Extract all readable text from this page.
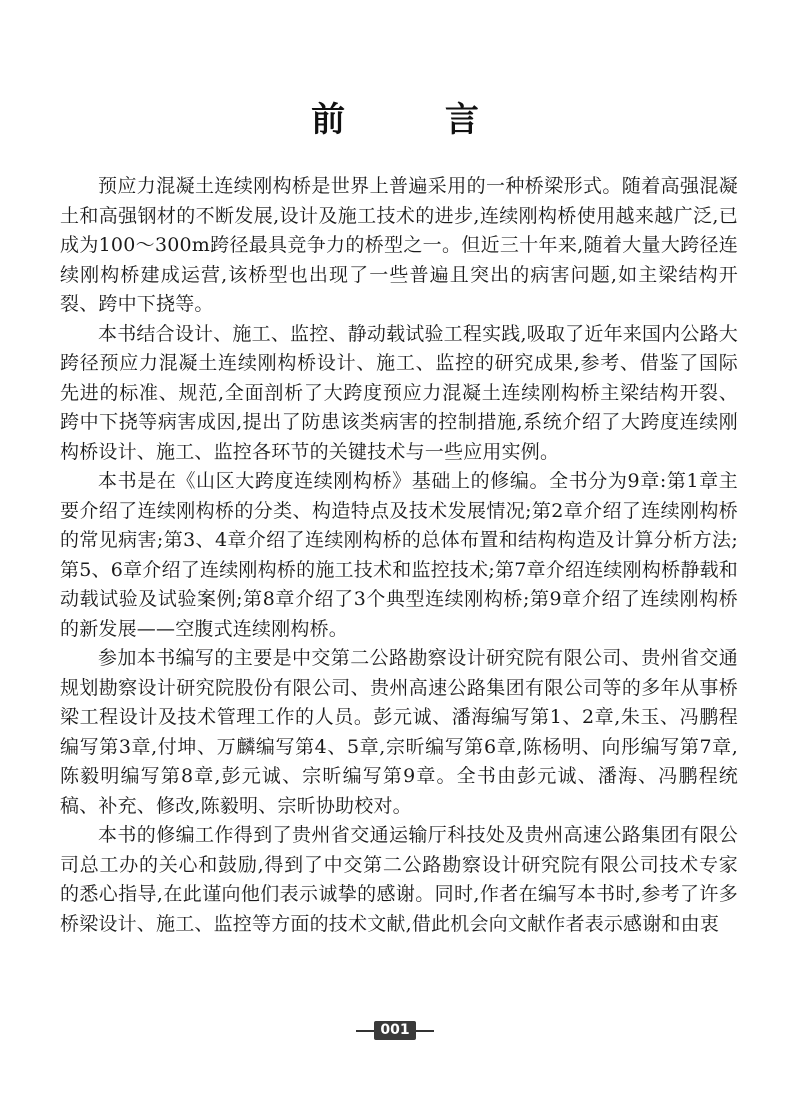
前 言

预应力混凝土连续刚构桥是世界上普遍采用的一种桥梁形式。随着高强混凝土和高强钢材的不断发展,设计及施工技术的进步,连续刚构桥使用越来越广泛,已成为100～300m跨径最具竞争力的桥型之一。但近三十年来,随着大量大跨径连续刚构桥建成运营,该桥型也出现了一些普遍且突出的病害问题,如主梁结构开裂、跨中下挠等。

本书结合设计、施工、监控、静动载试验工程实践,吸取了近年来国内公路大跨径预应力混凝土连续刚构桥设计、施工、监控的研究成果,参考、借鉴了国际先进的标准、规范,全面剖析了大跨度预应力混凝土连续刚构桥主梁结构开裂、跨中下挠等病害成因,提出了防患该类病害的控制措施,系统介绍了大跨度连续刚构桥设计、施工、监控各环节的关键技术与一些应用实例。

本书是在《山区大跨度连续刚构桥》基础上的修编。全书分为9章:第1章主要介绍了连续刚构桥的分类、构造特点及技术发展情况;第2章介绍了连续刚构桥的常见病害;第3、4章介绍了连续刚构桥的总体布置和结构构造及计算分析方法;第5、6章介绍了连续刚构桥的施工技术和监控技术;第7章介绍连续刚构桥静载和动载试验及试验案例;第8章介绍了3个典型连续刚构桥;第9章介绍了连续刚构桥的新发展——空腹式连续刚构桥。

参加本书编写的主要是中交第二公路勘察设计研究院有限公司、贵州省交通规划勘察设计研究院股份有限公司、贵州高速公路集团有限公司等的多年从事桥梁工程设计及技术管理工作的人员。彭元诚、潘海编写第1、2章,朱玉、冯鹏程编写第3章,付坤、万麟编写第4、5章,宗昕编写第6章,陈杨明、向彤编写第7章,陈毅明编写第8章,彭元诚、宗昕编写第9章。全书由彭元诚、潘海、冯鹏程统稿、补充、修改,陈毅明、宗昕协助校对。

本书的修编工作得到了贵州省交通运输厅科技处及贵州高速公路集团有限公司总工办的关心和鼓励,得到了中交第二公路勘察设计研究院有限公司技术专家的悉心指导,在此谨向他们表示诚挚的感谢。同时,作者在编写本书时,参考了许多桥梁设计、施工、监控等方面的技术文献,借此机会向文献作者表示感谢和由衷

001
